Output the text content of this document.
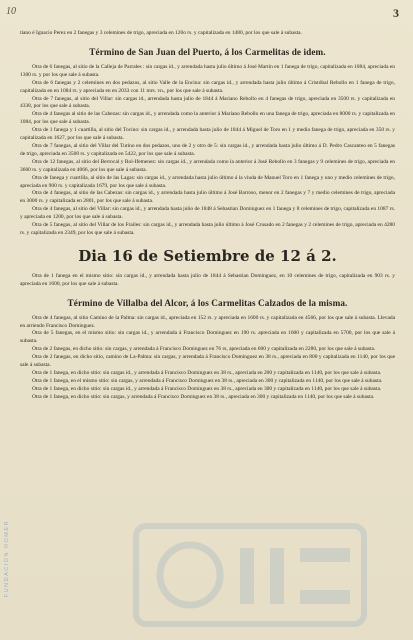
10	3
FUNDACIÓN ROMER

tiano é Ignacio Perez en 2 fanegas y 3 celemines de trigo, apreciada en 120o rs. y capitalizada en 1480, por los que sale á subasta.

Término de San Juan del Puerto, á los Carmelitas de idem.

Otra de 6 fanegas, al sitio de la Calleja de Parrales : sin cargas id., y arrendada hasta julio último á José Martin en 1 fanega de trigo, capitalizada en 1084, apreciada en 1300 rs. y por los que sale á subasta.

Otra de 6 fanegas y 2 celemines en dos pedazos, al sitio Valle de la Encina: sin cargas id., y arrendada hasta julio último á Cristóbal Rebollo en 1 fanega de trigo, capitalizada en en 1084 rs. y apreciada en en 2033 con 11 mrs. vn., por los que sale á subasta.

Otra de 7 fanegas, al sitio del Villar: sin cargas id., arrendada hasta julio de 1844 á Mariano Rebollo en 4 fanegas de trigo, apreciada en 3500 rs. y capitalizada en 4338, por los que sale á subasta.

Otra de 4 fanegas al sitio de las Cabezas: sin cargas id., y arrendada como la anterior á Mariano Rebollo en una fanega de trigo, apreciada en 8000 rs. y capitalizada en 1084, por los que sale á subasta.

Otra de 1 fanega y 1 cuartilla, al sitio del Tocino: sin cargas id., y arrendada hasta julio de 1844 á Miguel de Toro en 1 y media fanega de trigo, apreciada en 350 rs. y capitalizada en 1627, por los que sale á subasta.

Otra de 7 fanegas, al sitio del Villar del Turino en dos pedazos, uno de 2 y otro de 5: sin cargas id., y arrendada hasta julio último á D. Pedro Cascanteo en 5 fanegas de trigo, apreciada en 3500 rs. y capitalizada en 5422, por los que sale á subasta.

Otra de 12 fanegas, al sitio del Berrocal y Rol-Ifemenez: sin cargas id., y arrendada como la anterior á José Rebollo en 3 fanegas y 9 celemines de trigo, apreciada en 3600 rs. y capitalizada en 4066, por los que sale á subasta.

Otra de fanega y cuartilla, al sitio de las Lagas: sin cargas id., y arrendada hasta julio último á la viuda de Manuel Toro en 1 fanega y uno y medio celemines de trigo, apreciada en 900 rs. y capitalizada 1679, por los que sale á subasta.

Otra de 4 fanegas, al sitio de las Cabezas: sin cargas id., y arrendada hasta julio último á José Barroso, menor en 2 fanegas y 7 y medio celemines de trigo, apreciada en 3000 rs. y capitalizada en 2801, por los que sale á subasta.

Otra de 4 fanegas, al sitio del Villar: sin cargas id., y arrendada hasta julio de 1848 á Sebastian Dominguez en 1 fanega y 8 celemines de trigo, capitalizada en 1087 rs. y apreciada en 1200, por los que sale á subasta.

Otra de 5 fanegas, al sitio del Villar de los Frailes: sin cargas id., y arrendada hasta julio último á José Crusado en 2 fanegas y 2 celemines de trigo, apreciada en 4280 rs. y capitalizada en 2349, por los que sale á subasta.

Dia 16 de Setiembre de 12 á 2.

Otra de 1 fanega en el mismo sitio: sin cargas id., y arrendada hasta julio de 1844 á Sebastian Dominguez, en 10 celemines de trigo, capitalizada en 903 rs. y apreciada en 1600, por los que sale á subasta.

Término de Villalba del Alcor, á los Carmelitas Calzados de la misma.

Otra de 4 fanegas, al sitio Camino de la Palma: sin cargas id., apreciada en 152 rs. y apreciada en 1600 rs. y capitalizada en 4566, por los que sale á subasta. Llevada en arriendo Francisco Dominguez.

Otra de 5 fanegas, en el mismo sitio: sin cargas id., y arrendada á Francisco Dominguez en 190 rs. apreciada en 1600 y capitalizada en 5700, por los que sale á subasta.

Otra de 2 fanegas, en dicho sitio: sin cargas, y arrendada á Francisco Dominguez en 76 rs, apreciada en 600 y capitalizada en 2280, por los que sale á subasta.

Otra de 2 fanegas, en dicho sitio, camino de La-Palma: sin cargas, y arrendada á Francisco Dominguez en 38 rs., apreciada en 800 y capitalizada en 1140, por los que sale á subasta.

Otra de 1 fanega, en dicho sitio: sin cargas id., y arrendada á Francisco Dominguez en 38 rs., apreciada en 200 y capitalizada en 1140, por los que sale á subasta.

Otra de 1 fanega, en el mismo sitio: sin cargas, y arrendada á Francisco Dominguez en 38 rs., apreciada en 300 y capitalizada en 1140, por los que sale á subasta.

Otra de 1 fanega, en dicho sitio: sin cargas id., y arrendada á Francisco Dominguez en 38 rs., apreciada en 300 y capitalizada en 1140, por los que sale á subasta.

Otra de 1 fanega, en dicho sitio: sin cargas, y arrendada á Francisco Dominguez en 38 rs., apreciada en 300 y capitalizada en 1140, por los que sale á subasta.
